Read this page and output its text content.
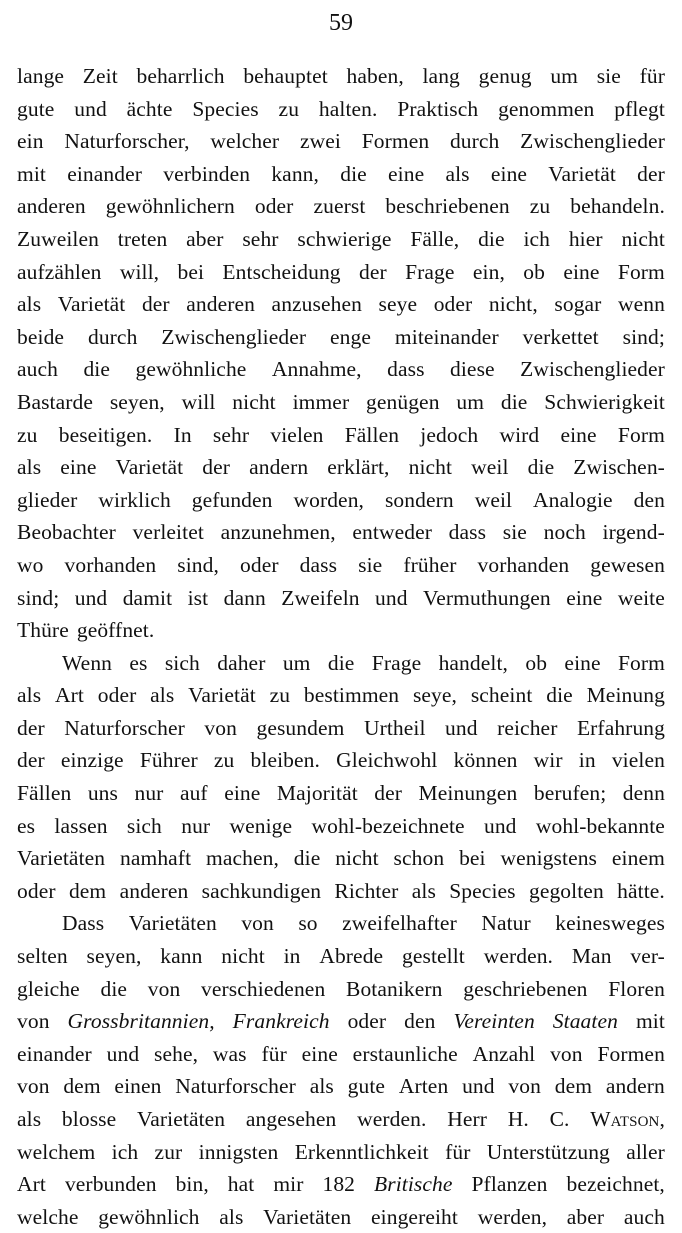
59
lange Zeit beharrlich behauptet haben, lang genug um sie für
gute und ächte Species zu halten. Praktisch genommen pflegt
ein Naturforscher, welcher zwei Formen durch Zwischenglieder
mit einander verbinden kann, die eine als eine Varietät der
anderen gewöhnlichern oder zuerst beschriebenen zu behandeln.
Zuweilen treten aber sehr schwierige Fälle, die ich hier nicht
aufzählen will, bei Entscheidung der Frage ein, ob eine Form
als Varietät der anderen anzusehen seye oder nicht, sogar wenn
beide durch Zwischenglieder enge miteinander verkettet sind;
auch die gewöhnliche Annahme, dass diese Zwischenglieder
Bastarde seyen, will nicht immer genügen um die Schwierigkeit
zu beseitigen. In sehr vielen Fällen jedoch wird eine Form
als eine Varietät der andern erklärt, nicht weil die Zwischen-
glieder wirklich gefunden worden, sondern weil Analogie den
Beobachter verleitet anzunehmen, entweder dass sie noch irgend-
wo vorhanden sind, oder dass sie früher vorhanden gewesen
sind; und damit ist dann Zweifeln und Vermuthungen eine weite
Thüre geöffnet.
Wenn es sich daher um die Frage handelt, ob eine Form
als Art oder als Varietät zu bestimmen seye, scheint die Meinung
der Naturforscher von gesundem Urtheil und reicher Erfahrung
der einzige Führer zu bleiben. Gleichwohl können wir in vielen
Fällen uns nur auf eine Majorität der Meinungen berufen; denn
es lassen sich nur wenige wohl-bezeichnete und wohl-bekannte
Varietäten namhaft machen, die nicht schon bei wenigstens einem
oder dem anderen sachkundigen Richter als Species gegolten hätte.
Dass Varietäten von so zweifelhafter Natur keinesweges
selten seyen, kann nicht in Abrede gestellt werden. Man ver-
gleiche die von verschiedenen Botanikern geschriebenen Floren
von Grossbritannien, Frankreich oder den Vereinten Staaten mit
einander und sehe, was für eine erstaunliche Anzahl von Formen
von dem einen Naturforscher als gute Arten und von dem andern
als blosse Varietäten angesehen werden. Herr H. C. Watson,
welchem ich zur innigsten Erkenntlichkeit für Unterstützung aller
Art verbunden bin, hat mir 182 Britische Pflanzen bezeichnet,
welche gewöhnlich als Varietäten eingereiht werden, aber auch
